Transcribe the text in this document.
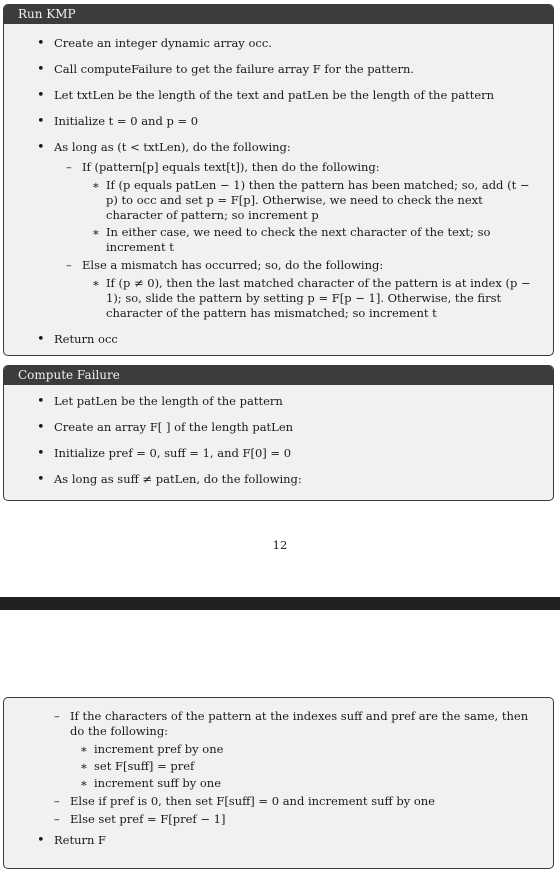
Run KMP
• Create an integer dynamic array occ.
• Call computeFailure to get the failure array F for the pattern.
• Let txtLen be the length of the text and patLen be the length of the pattern
• Initialize t = 0 and p = 0
• As long as (t < txtLen), do the following:
– If (pattern[p] equals text[t]), then do the following:
∗ If (p equals patLen − 1) then the pattern has been matched; so, add (t − p) to occ and set p = F[p]. Otherwise, we need to check the next character of pattern; so increment p
∗ In either case, we need to check the next character of the text; so increment t
– Else a mismatch has occurred; so, do the following:
∗ If (p ≠ 0), then the last matched character of the pattern is at index (p − 1); so, slide the pattern by setting p = F[p − 1]. Otherwise, the first character of the pattern has mismatched; so increment t
• Return occ
Compute Failure
• Let patLen be the length of the pattern
• Create an array F[ ] of the length patLen
• Initialize pref = 0, suff = 1, and F[0] = 0
• As long as suff ≠ patLen, do the following:
12
– If the characters of the pattern at the indexes suff and pref are the same, then do the following:
∗ increment pref by one
∗ set F[suff] = pref
∗ increment suff by one
– Else if pref is 0, then set F[suff] = 0 and increment suff by one
– Else set pref = F[pref − 1]
• Return F
